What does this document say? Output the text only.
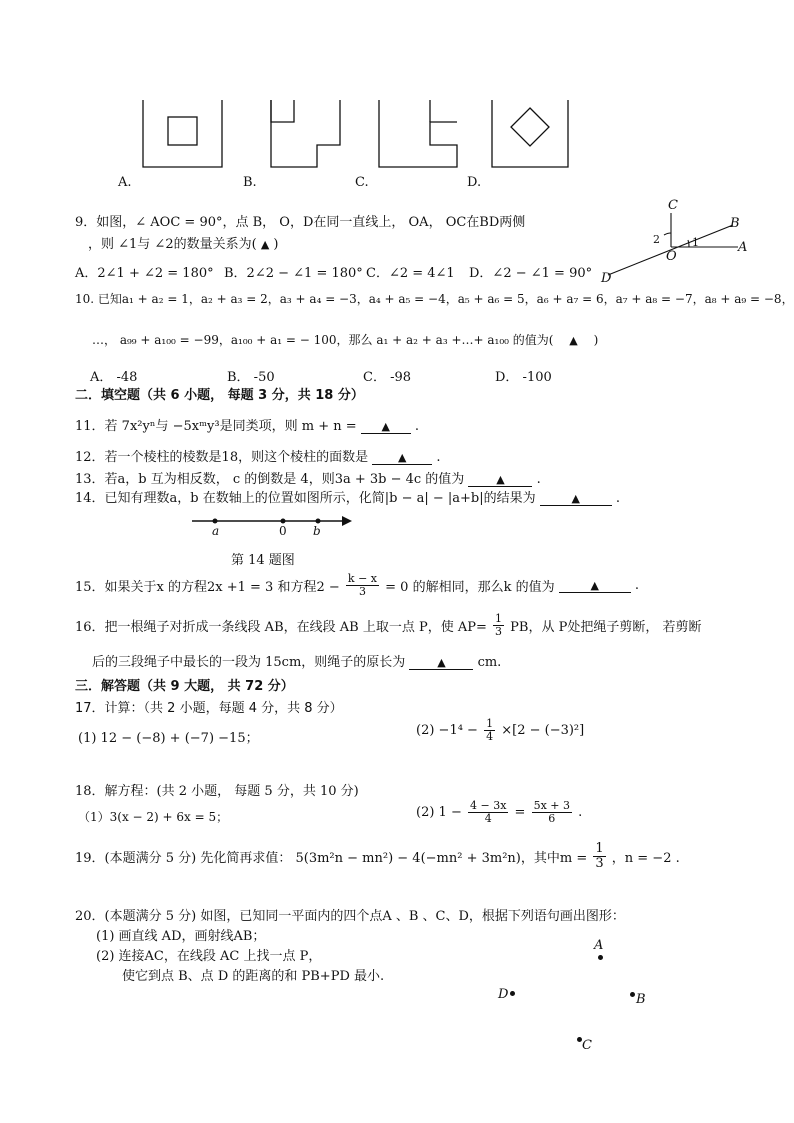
A.	B.	C.	D.
9．如图，∠ AOC = 90°，点 B， O，D在同一直线上， OA， OC在BD两侧
，则 ∠1与 ∠2的数量关系为( ▲ )
A．2∠1 + ∠2 = 180° B．2∠2 − ∠1 = 180° C．∠2 = 4∠1 D．∠2 − ∠1 = 90°
C
B
A
O
D
1
2
10. 已知a₁ + a₂ = 1，a₂ + a₃ = 2，a₃ + a₄ = −3，a₄ + a₅ = −4，a₅ + a₆ = 5，a₆ + a₇ = 6，a₇ + a₈ = −7，a₈ + a₉ = −8，
…， a₉₉ + a₁₀₀ = −99，a₁₀₀ + a₁ = − 100，那么 a₁ + a₂ + a₃ +…+ a₁₀₀ 的值为( ▲ )
A． -48	B． -50	C． -98	D． -100
二．填空题（共 6 小题， 每题 3 分，共 18 分）
11．若 7x²yⁿ与 −5xᵐy³是同类项，则 m + n = ▲ .
12．若一个棱柱的棱数是18，则这个棱柱的面数是	▲ .
13．若a，b 互为相反数， c 的倒数是 4，则3a + 3b − 4c 的值为	▲ .
14．已知有理数a，b 在数轴上的位置如图所示，化简|b − a| − |a+b|的结果为	▲	.
a	0 b
第 14 题图
15．如果关于x 的方程2x +1 = 3 和方程$2 - \frac{k - x}{3} = 0$ 的解相同，那么k 的值为	▲	.
16．把一根绳子对折成一条线段 AB，在线段 AB 上取一点 P，使 $AP= \frac{1}{3}$ PB，从 P处把绳子剪断， 若剪断
后的三段绳子中最长的一段为 15cm，则绳子的原长为	▲ cm.
三．解答题（共 9 大题， 共 72 分）
17．计算：（共 2 小题，每题 4 分，共 8 分）
(1) 12 − (−8) + (−7) −15；
$(2) -1^4 - \frac{1}{4} \times[2 - (-3)^2]$
18．解方程：(共 2 小题， 每题 5 分，共 10 分)
（1）3(x − 2) + 6x = 5；	(2) $1 - \frac{4 - 3x}{4} = \frac{5x + 3}{6}$ .
19．(本题满分 5 分) 先化简再求值： 5(3m²n − mn²) − 4(−mn² + 3m²n)，其中$m = \frac{1}{3}$ ，n = −2 .
20．(本题满分 5 分) 如图，已知同一平面内的四个点A 、B 、C、D，根据下列语句画出图形：
(1) 画直线 AD，画射线AB；
(2) 连接AC，在线段 AC 上找一点 P，
使它到点 B、点 D 的距离的和 PB+PD 最小.
A
D	B
C
